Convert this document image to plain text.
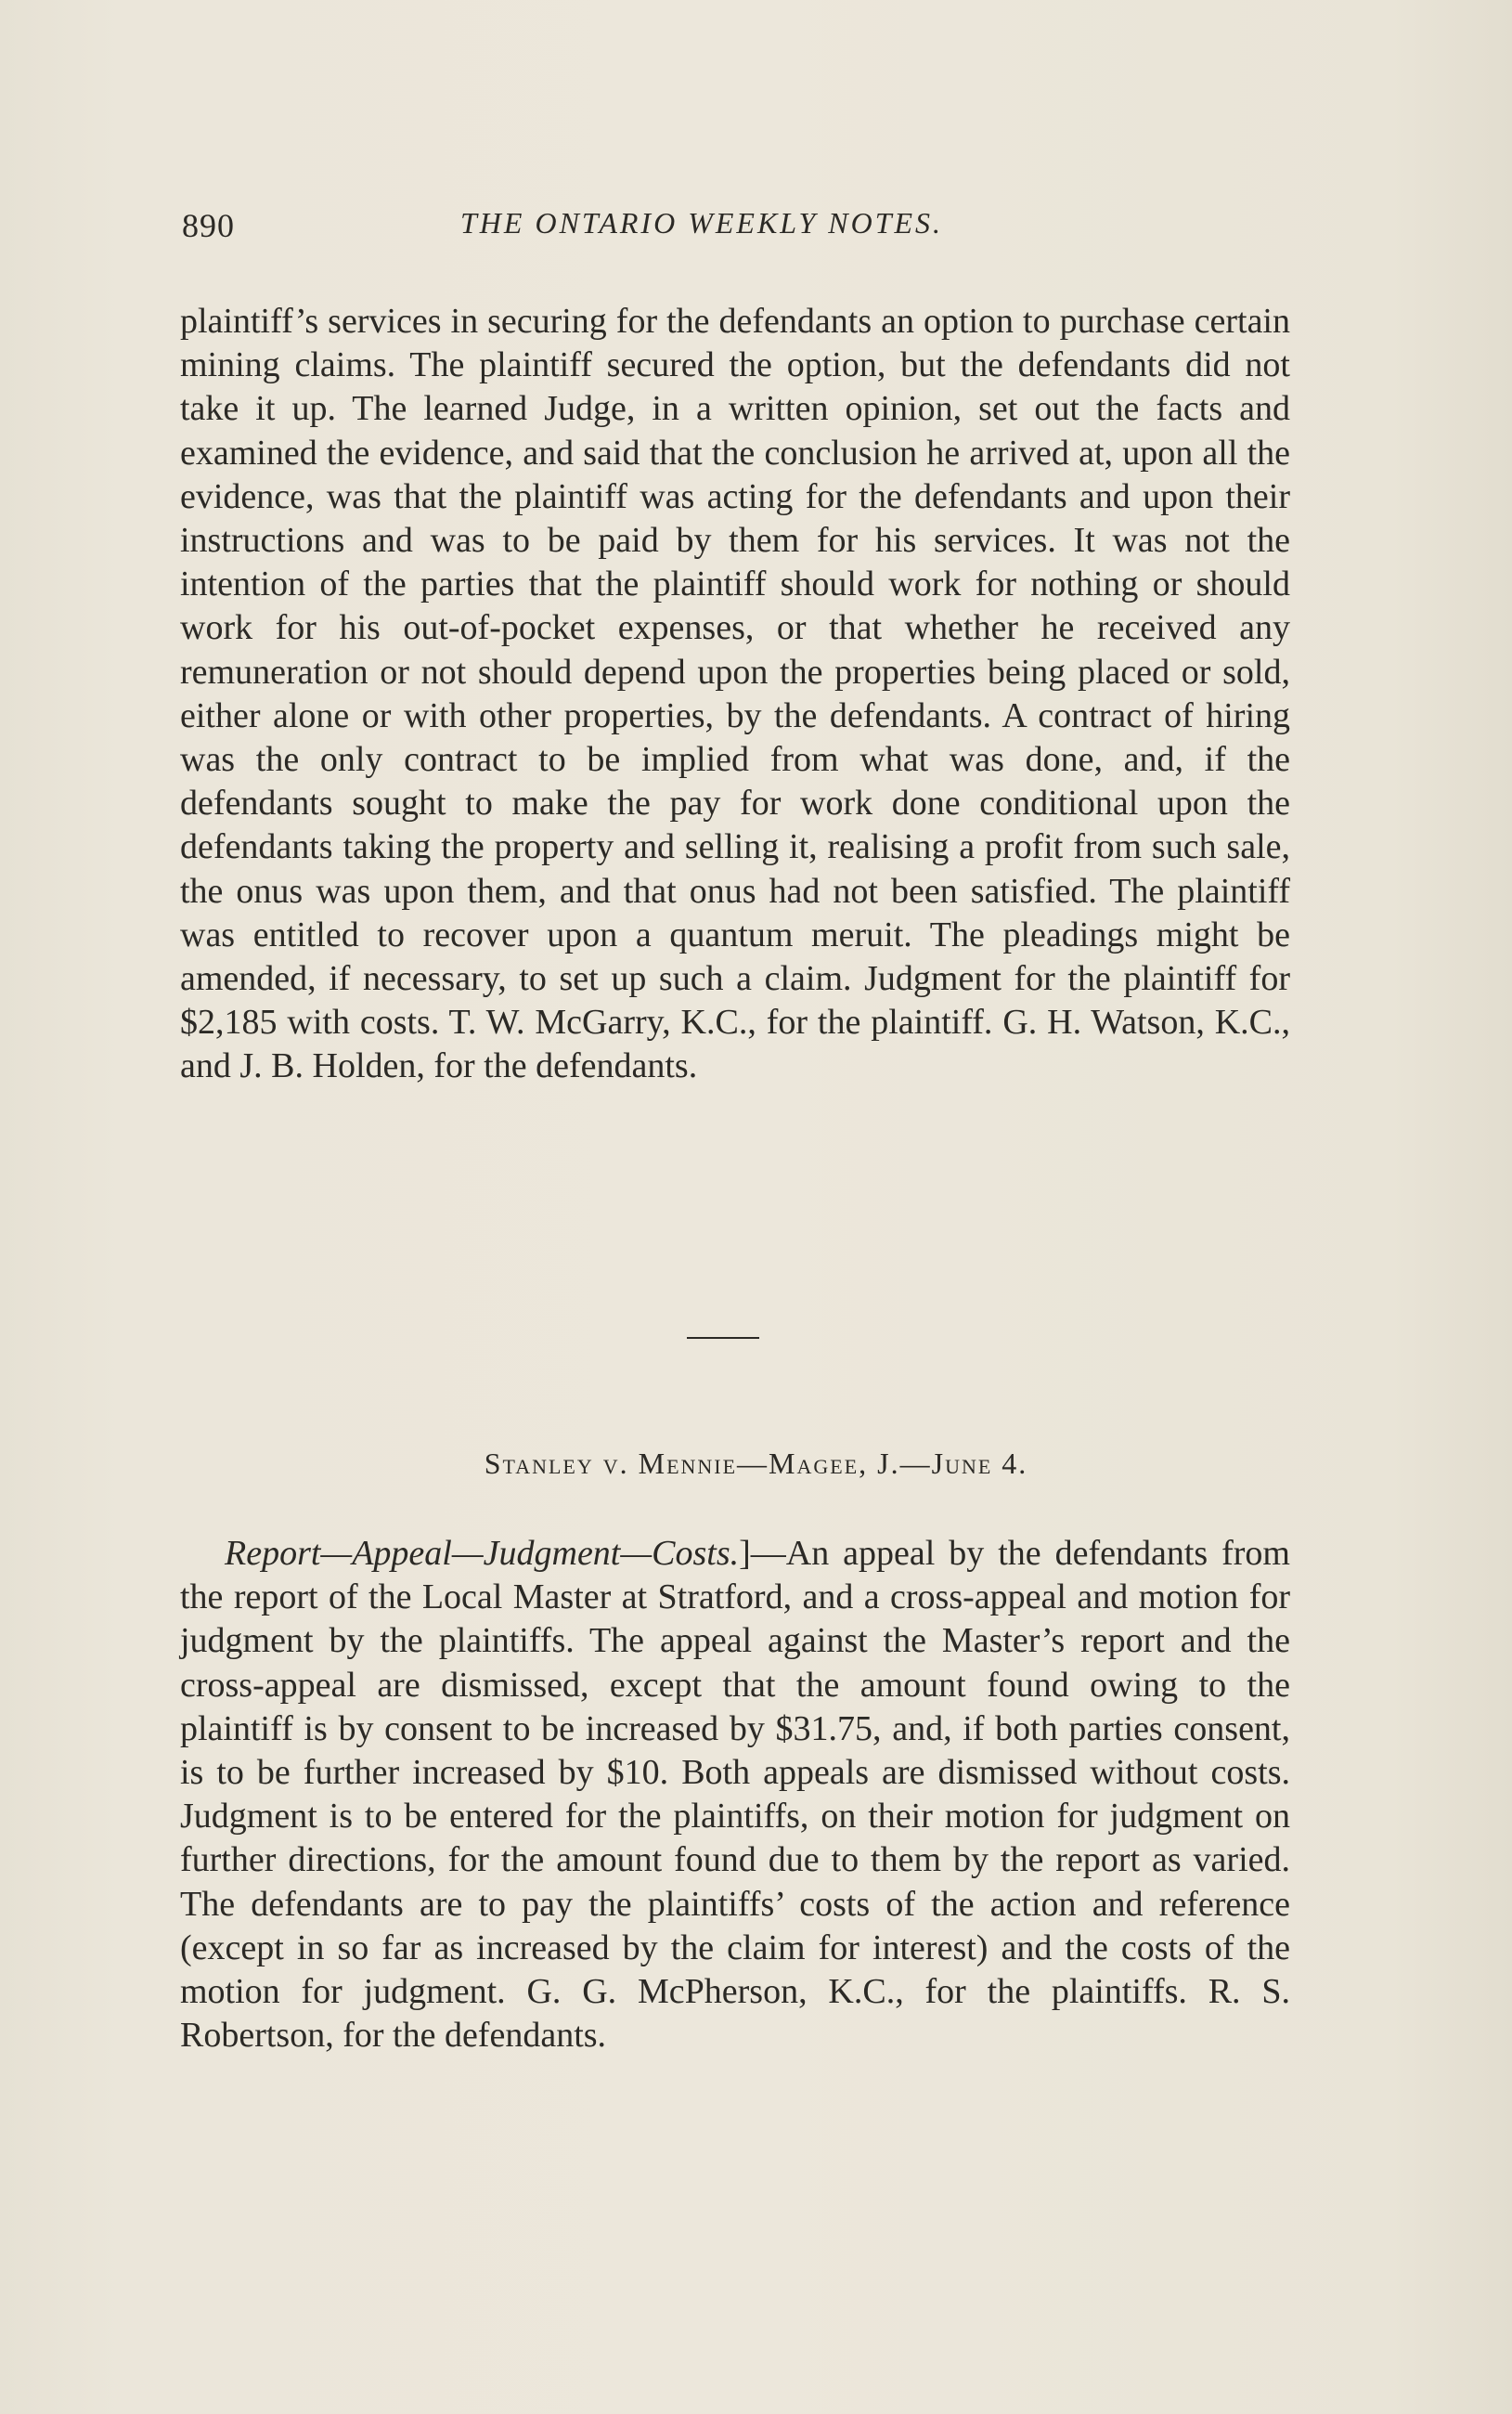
890	THE ONTARIO WEEKLY NOTES.

plaintiff’s services in securing for the defendants an option to purchase certain mining claims. The plaintiff secured the option, but the defendants did not take it up. The learned Judge, in a written opinion, set out the facts and examined the evidence, and said that the conclusion he arrived at, upon all the evidence, was that the plaintiff was acting for the defendants and upon their instructions and was to be paid by them for his services. It was not the intention of the parties that the plaintiff should work for nothing or should work for his out-of-pocket expenses, or that whether he received any remuneration or not should depend upon the properties being placed or sold, either alone or with other properties, by the defendants. A contract of hiring was the only contract to be implied from what was done, and, if the defendants sought to make the pay for work done conditional upon the defendants taking the property and selling it, realising a profit from such sale, the onus was upon them, and that onus had not been satisfied. The plaintiff was entitled to recover upon a quantum meruit. The pleadings might be amended, if necessary, to set up such a claim. Judgment for the plaintiff for $2,185 with costs. T. W. McGarry, K.C., for the plaintiff. G. H. Watson, K.C., and J. B. Holden, for the defendants.

Stanley v. Mennie—Magee, J.—June 4.

Report—Appeal—Judgment—Costs.]—An appeal by the defendants from the report of the Local Master at Stratford, and a cross-appeal and motion for judgment by the plaintiffs. The appeal against the Master’s report and the cross-appeal are dismissed, except that the amount found owing to the plaintiff is by consent to be increased by $31.75, and, if both parties consent, is to be further increased by $10. Both appeals are dismissed without costs. Judgment is to be entered for the plaintiffs, on their motion for judgment on further directions, for the amount found due to them by the report as varied. The defendants are to pay the plaintiffs’ costs of the action and reference (except in so far as increased by the claim for interest) and the costs of the motion for judgment. G. G. McPherson, K.C., for the plaintiffs. R. S. Robertson, for the defendants.
